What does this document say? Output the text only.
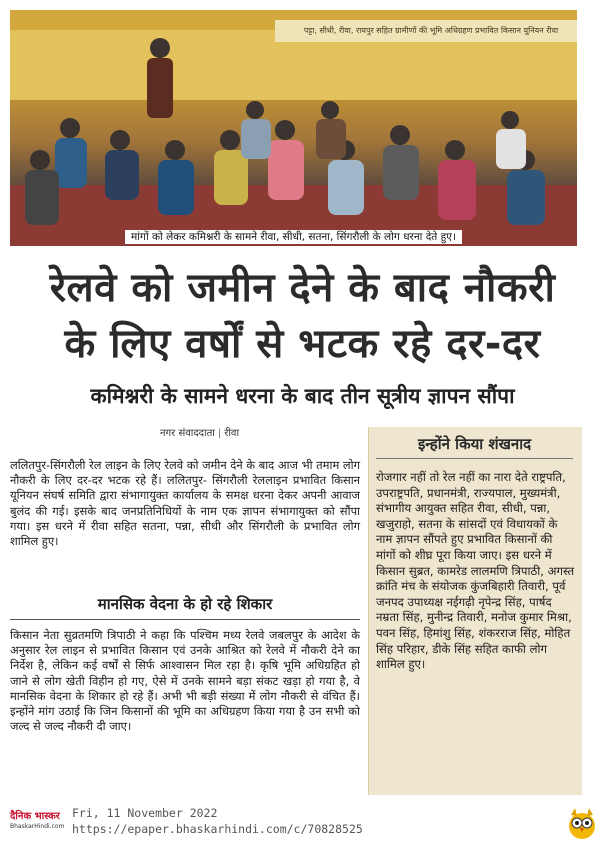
पट्टा, सीधी, रीवा, रायपुर सहित ग्रामीणों की भूमि अधिग्रहण प्रभावित किसान यूनियन रीवा
मांगों को लेकर कमिश्नरी के सामने रीवा, सीधी, सतना, सिंगरौली के लोग धरना देते हुए।
रेलवे को जमीन देने के बाद नौकरी
के लिए वर्षों से भटक रहे दर-दर
कमिश्नरी के सामने धरना के बाद तीन सूत्रीय ज्ञापन सौंपा
नगर संवाददाता | रीवा
ललितपुर-सिंगरौली रेल लाइन के लिए रेलवे को जमीन देने के बाद आज भी तमाम लोग नौकरी के लिए दर-दर भटक रहे हैं। ललितपुर- सिंगरौली रेललाइन प्रभावित किसान यूनियन संघर्ष समिति द्वारा संभागायुक्त कार्यालय के समक्ष धरना देकर अपनी आवाज बुलंद की गई। इसके बाद जनप्रतिनिधियों के नाम एक ज्ञापन संभागायुक्त को सौंपा गया। इस धरने में रीवा सहित सतना, पन्ना, सीधी और सिंगरौली के प्रभावित लोग शामिल हुए।
मानसिक वेदना के हो रहे शिकार
किसान नेता सुव्रतमणि त्रिपाठी ने कहा कि पश्चिम मध्य रेलवे जबलपुर के आदेश के अनुसार रेल लाइन से प्रभावित किसान एवं उनके आश्रित को रेलवे में नौकरी देने का निर्देश है, लेकिन कई वर्षों से सिर्फ आश्वासन मिल रहा है। कृषि भूमि अधिग्रहित हो जाने से लोग खेती विहीन हो गए, ऐसे में उनके सामने बड़ा संकट खड़ा हो गया है, वे मानसिक वेदना के शिकार हो रहे हैं। अभी भी बड़ी संख्या में लोग नौकरी से वंचित हैं। इन्होंने मांग उठाई कि जिन किसानों की भूमि का अधिग्रहण किया गया है उन सभी को जल्द से जल्द नौकरी दी जाए।
इन्होंने किया शंखनाद
रोजगार नहीं तो रेल नहीं का नारा देते राष्ट्रपति, उपराष्ट्रपति, प्रधानमंत्री, राज्यपाल, मुख्यमंत्री, संभागीय आयुक्त सहित रीवा, सीधी, पन्ना, खजुराहो, सतना के सांसदों एवं विधायकों के नाम ज्ञापन सौंपते हुए प्रभावित किसानों की मांगों को शीघ्र पूरा किया जाए। इस धरने में किसान सुब्रत, कामरेड लालमणि त्रिपाठी, अगस्त क्रांति मंच के संयोजक कुंजबिहारी तिवारी, पूर्व जनपद उपाध्यक्ष नईगढ़ी नृपेन्द्र सिंह, पार्षद नम्रता सिंह, मुनीन्द्र तिवारी, मनोज कुमार मिश्रा, पवन सिंह, हिमांशु सिंह, शंकरराज सिंह, मोहित सिंह परिहार, डीके सिंह सहित काफी लोग शामिल हुए।
दैनिक भास्कर
BhaskarHindi.com
Fri, 11 November 2022
https://epaper.bhaskarhindi.com/c/70828525
